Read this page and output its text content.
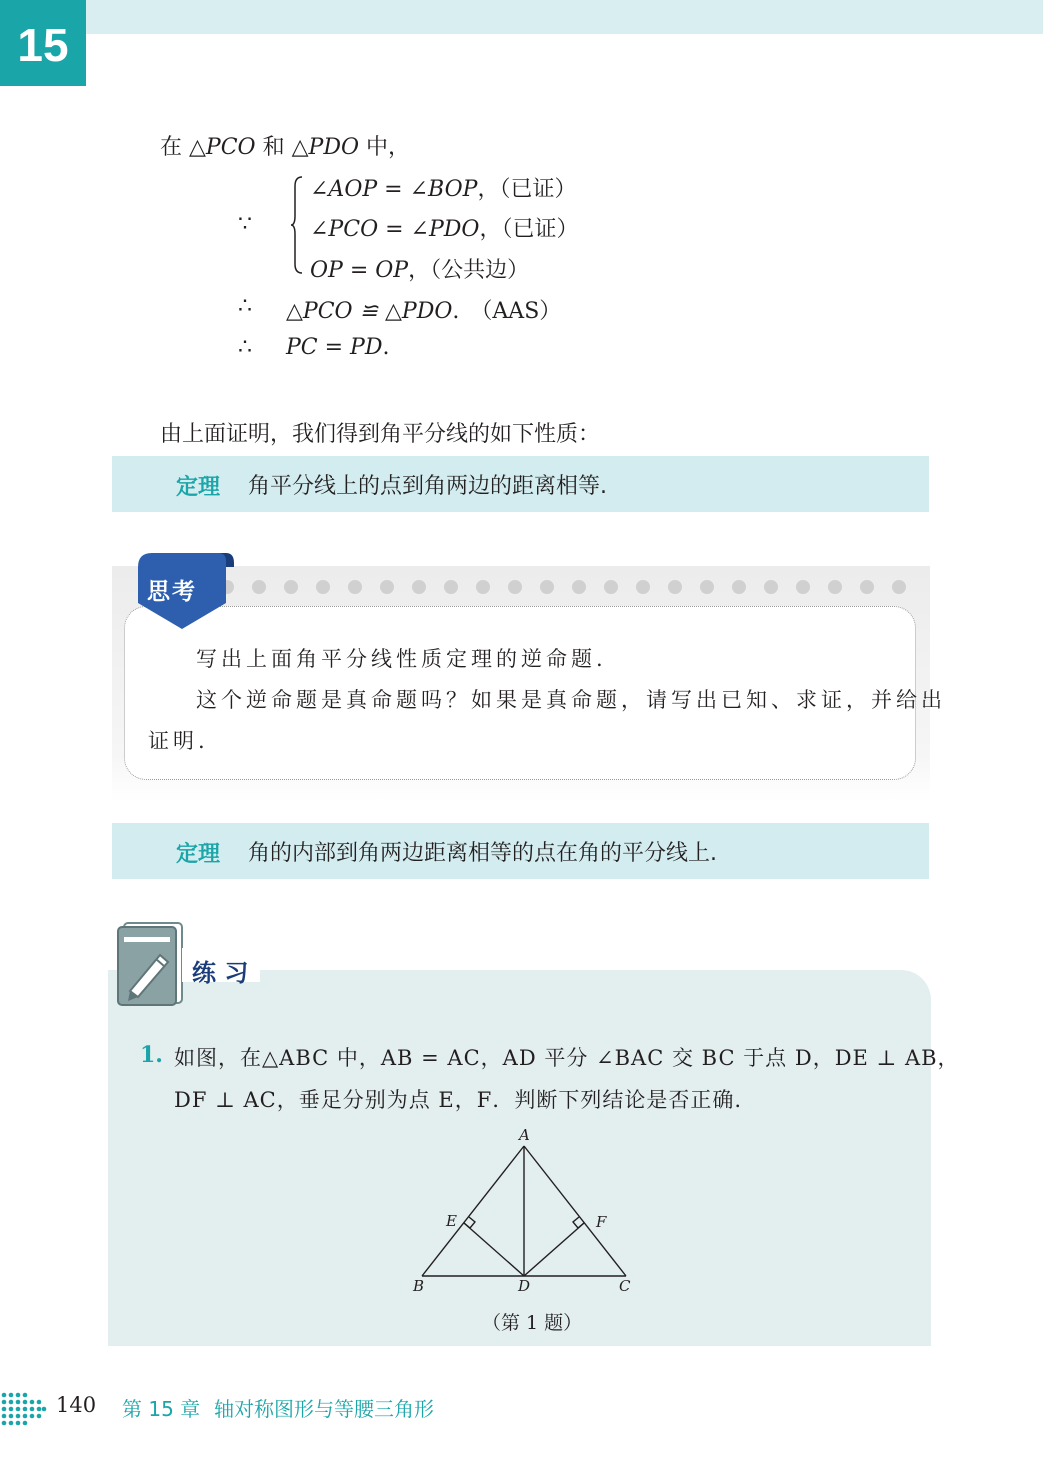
15
在 △PCO 和 △PDO 中，
∵
∠AOP = ∠BOP，（已证）
∠PCO = ∠PDO，（已证）
OP = OP，（公共边）
∴ △PCO ≌ △PDO.　（AAS）
∴ PC = PD.
由上面证明，我们得到角平分线的如下性质：
定理 角平分线上的点到角两边的距离相等.
思考
写出上面角平分线性质定理的逆命题.
这个逆命题是真命题吗？如果是真命题，请写出已知、求证，并给出
证明.
定理 角的内部到角两边距离相等的点在角的平分线上.
练 习
1. 如图，在△ABC 中，AB = AC，AD 平分 ∠BAC 交 BC 于点 D，DE ⊥ AB，
DF ⊥ AC，垂足分别为点 E，F．判断下列结论是否正确.
A
E	F
B	D	C
（第 1 题）
140 第 15 章 轴对称图形与等腰三角形
